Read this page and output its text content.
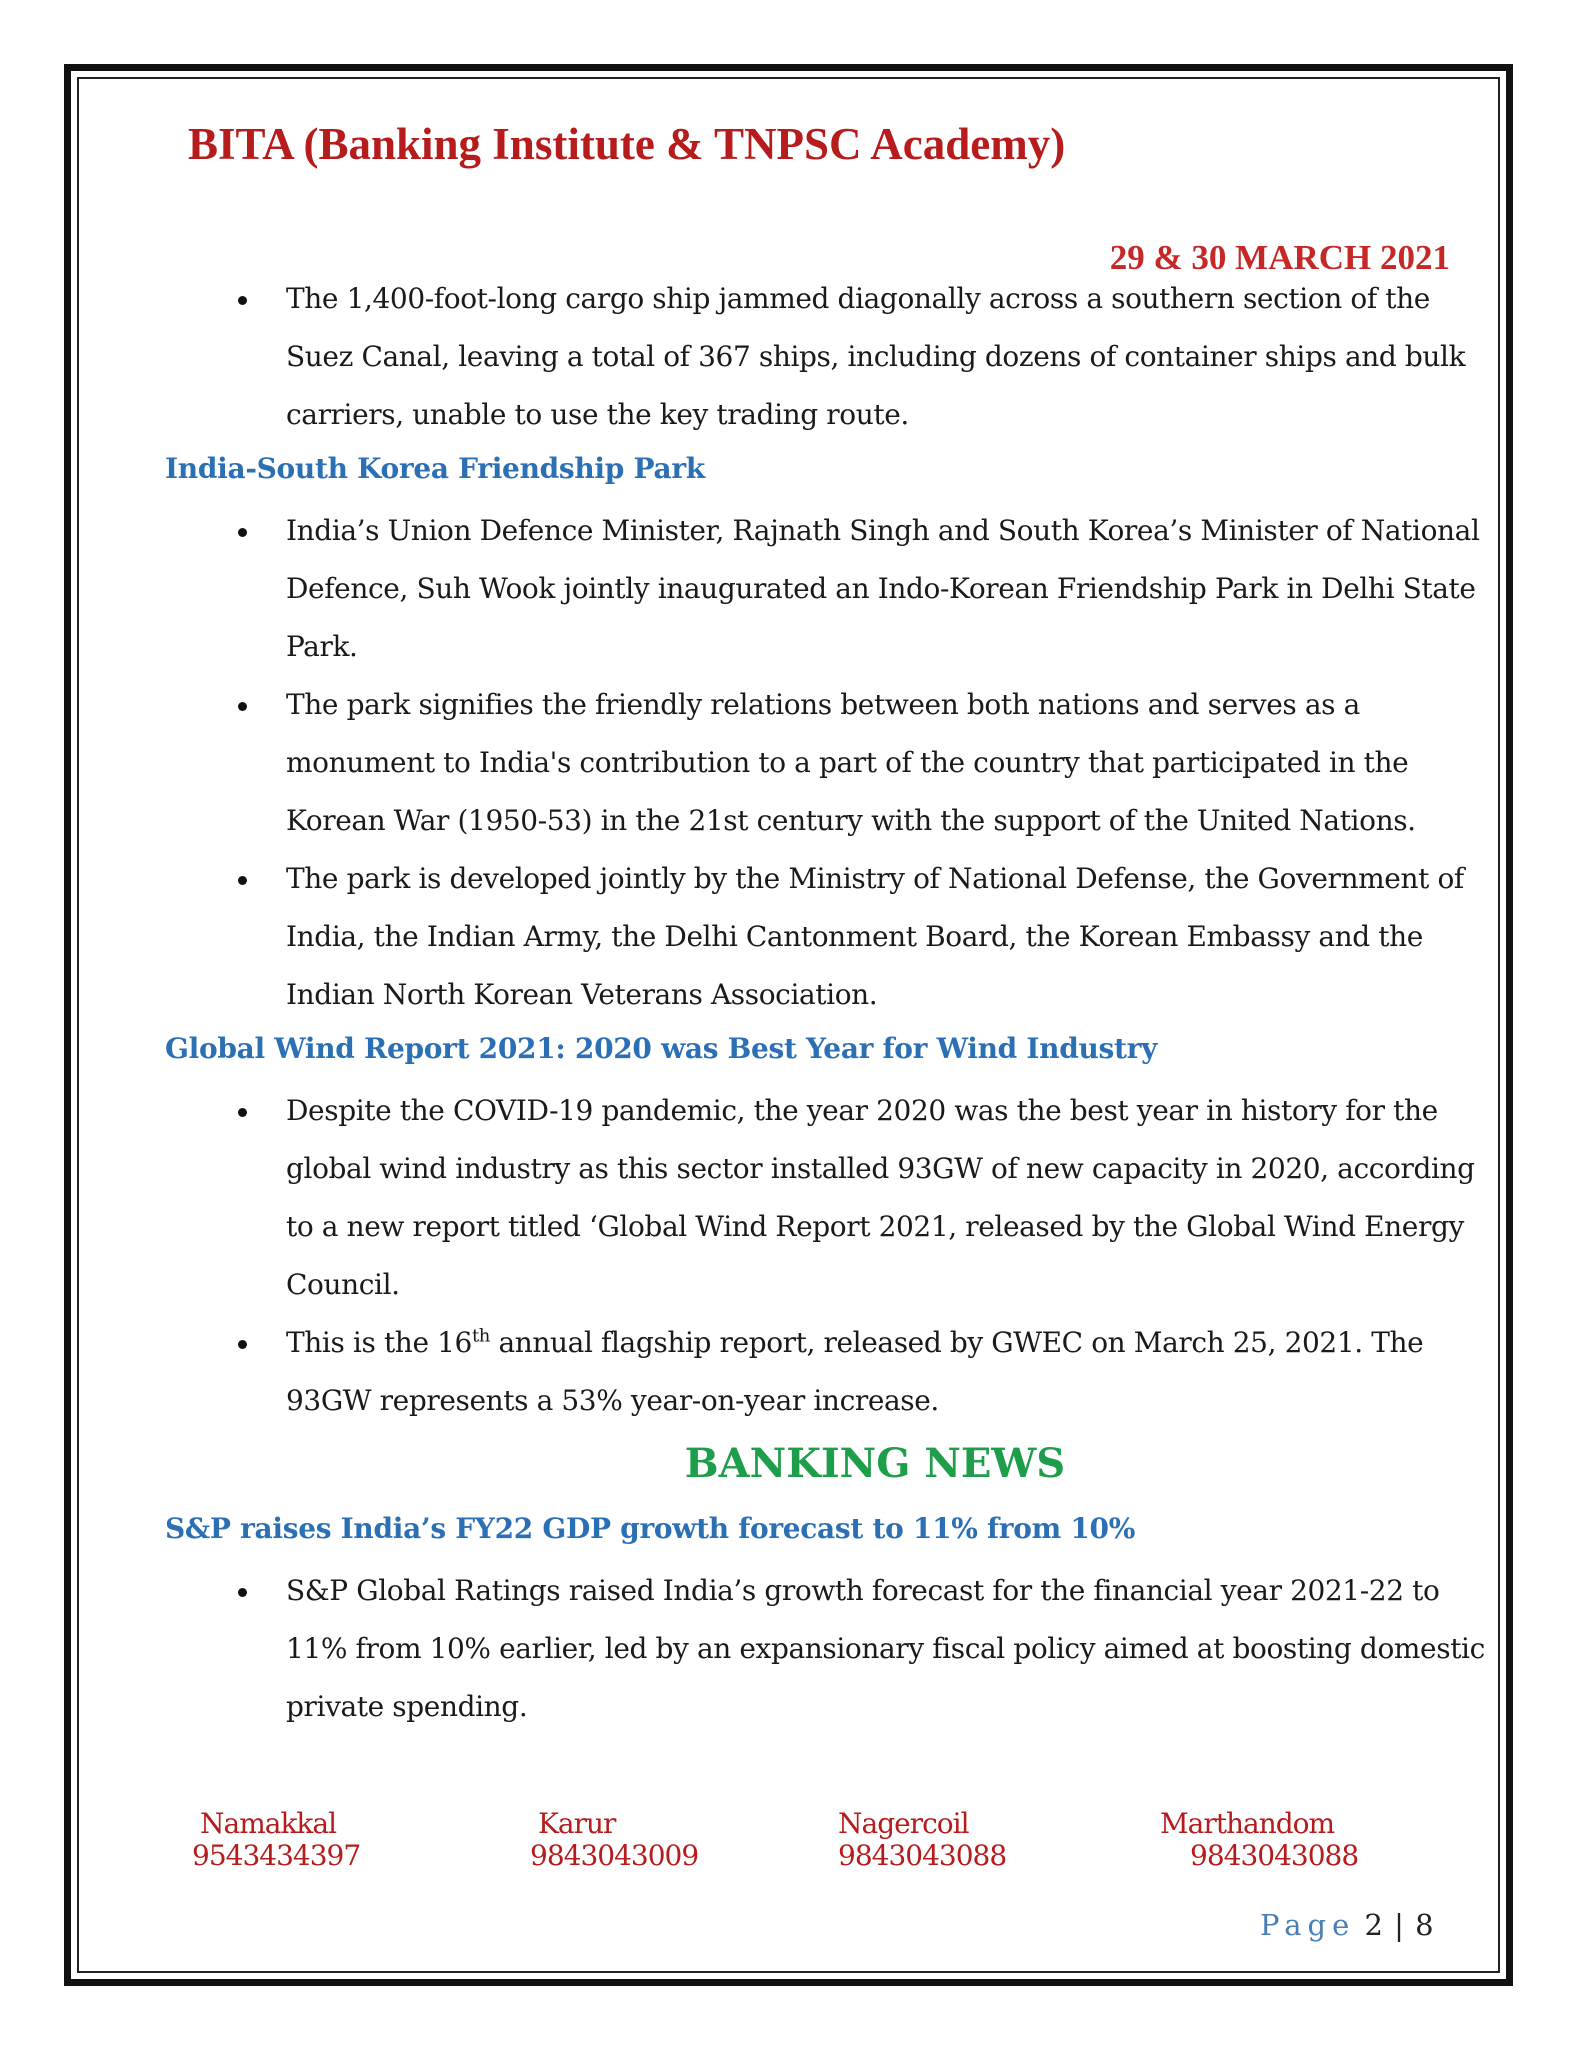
BITA (Banking Institute & TNPSC Academy)
29 & 30 MARCH 2021
The 1,400-foot-long cargo ship jammed diagonally across a southern section of the
Suez Canal, leaving a total of 367 ships, including dozens of container ships and bulk
carriers, unable to use the key trading route.
India-South Korea Friendship Park
India’s Union Defence Minister, Rajnath Singh and South Korea’s Minister of National
Defence, Suh Wook jointly inaugurated an Indo-Korean Friendship Park in Delhi State
Park.
The park signifies the friendly relations between both nations and serves as a
monument to India's contribution to a part of the country that participated in the
Korean War (1950-53) in the 21st century with the support of the United Nations.
The park is developed jointly by the Ministry of National Defense, the Government of
India, the Indian Army, the Delhi Cantonment Board, the Korean Embassy and the
Indian North Korean Veterans Association.
Global Wind Report 2021: 2020 was Best Year for Wind Industry
Despite the COVID-19 pandemic, the year 2020 was the best year in history for the
global wind industry as this sector installed 93GW of new capacity in 2020, according
to a new report titled ‘Global Wind Report 2021, released by the Global Wind Energy
Council.
This is the 16th annual flagship report, released by GWEC on March 25, 2021. The
93GW represents a 53% year-on-year increase.
BANKING NEWS
S&P raises India’s FY22 GDP growth forecast to 11% from 10%
S&P Global Ratings raised India’s growth forecast for the financial year 2021-22 to
11% from 10% earlier, led by an expansionary fiscal policy aimed at boosting domestic
private spending.
Namakkal
9543434397
Karur
9843043009
Nagercoil
9843043088
Marthandom
9843043088
Page 2 | 8
